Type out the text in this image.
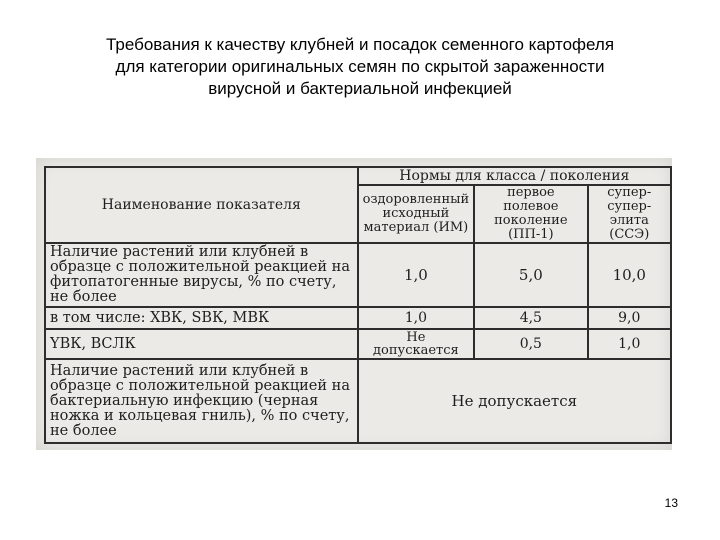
Требования к качеству клубней и посадок семенного картофеля
для категории оригинальных семян по скрытой зараженности
вирусной и бактериальной инфекцией
Наименование показателя	Нормы для класса / поколения		
	оздоровленный исходный материал (ИМ)	первое полевое поколение (ПП-1)	супер-супер-элита (ССЭ)
Наличие растений или клубней в образце с положительной реакцией на фитопатогенные вирусы, % по счету, не более	1,0	5,0	10,0
в том числе: ХВК, SВК, МВК	1,0	4,5	9,0
YВК, ВСЛК	Не допускается	0,5	1,0
Наличие растений или клубней в образце с положительной реакцией на бактериальную инфекцию (черная ножка и кольцевая гниль), % по счету, не более	Не допускается		
13
